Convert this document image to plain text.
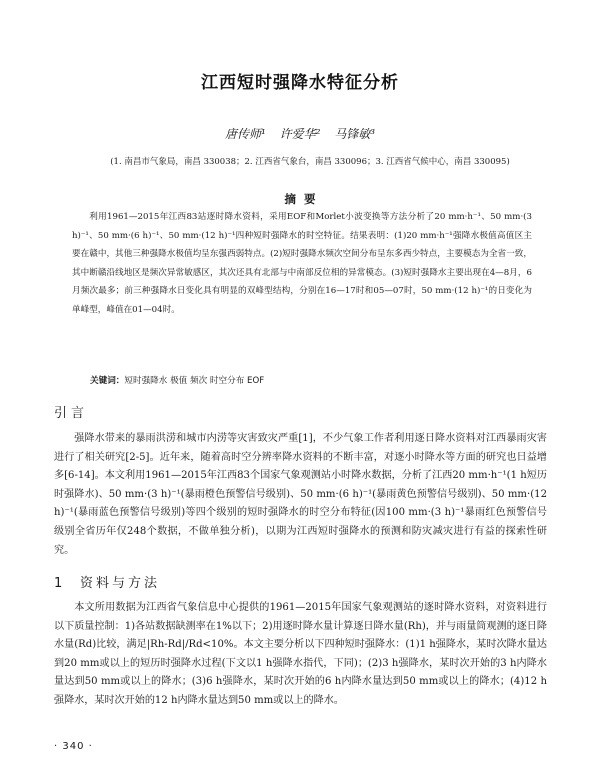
江西短时强降水特征分析
唐传师¹ 许爱华² 马锋敏³
(1. 南昌市气象局，南昌 330038；2. 江西省气象台，南昌 330096；3. 江西省气候中心，南昌 330095)
摘要
利用1961—2015年江西83站逐时降水资料，采用EOF和Morlet小波变换等方法分析了20 mm·h⁻¹、50 mm·(3 h)⁻¹、50 mm·(6 h)⁻¹、50 mm·(12 h)⁻¹四种短时强降水的时空特征。结果表明：(1)20 mm·h⁻¹强降水极值高值区主要在赣中，其他三种强降水极值均呈东强西弱特点。(2)短时强降水频次空间分布呈东多西少特点，主要模态为全省一致，其中断赣沿线地区是频次异常敏感区，其次还具有北部与中南部反位相的异常模态。(3)短时强降水主要出现在4—8月，6月频次最多；前三种强降水日变化具有明显的双峰型结构，分别在16—17时和05—07时，50 mm·(12 h)⁻¹的日变化为单峰型，峰值在01—04时。
关键词：短时强降水 极值 频次 时空分布 EOF
引言
强降水带来的暴雨洪涝和城市内涝等灾害致灾严重[1]，不少气象工作者利用逐日降水资料对江西暴雨灾害进行了相关研究[2-5]。近年来，随着高时空分辨率降水资料的不断丰富，对逐小时降水等方面的研究也日益增多[6-14]。本文利用1961—2015年江西83个国家气象观测站小时降水数据，分析了江西20 mm·h⁻¹(1 h短历时强降水)、50 mm·(3 h)⁻¹(暴雨橙色预警信号级别)、50 mm·(6 h)⁻¹(暴雨黄色预警信号级别)、50 mm·(12 h)⁻¹(暴雨蓝色预警信号级别)等四个级别的短时强降水的时空分布特征(因100 mm·(3 h)⁻¹暴雨红色预警信号级别全省历年仅248个数据，不做单独分析)，以期为江西短时强降水的预测和防灾减灾进行有益的探索性研究。
1 资料与方法
本文所用数据为江西省气象信息中心提供的1961—2015年国家气象观测站的逐时降水资料，对资料进行以下质量控制：1)各站数据缺测率在1%以下；2)用逐时降水量计算逐日降水量(Rh)，并与雨量筒观测的逐日降水量(Rd)比较，满足|Rh-Rd|/Rd<10%。本文主要分析以下四种短时强降水：(1)1 h强降水，某时次降水量达到20 mm或以上的短历时强降水过程(下文以1 h强降水指代，下同)；(2)3 h强降水，某时次开始的3 h内降水量达到50 mm或以上的降水；(3)6 h强降水，某时次开始的6 h内降水量达到50 mm或以上的降水；(4)12 h强降水，某时次开始的12 h内降水量达到50 mm或以上的降水。
· 340 ·
